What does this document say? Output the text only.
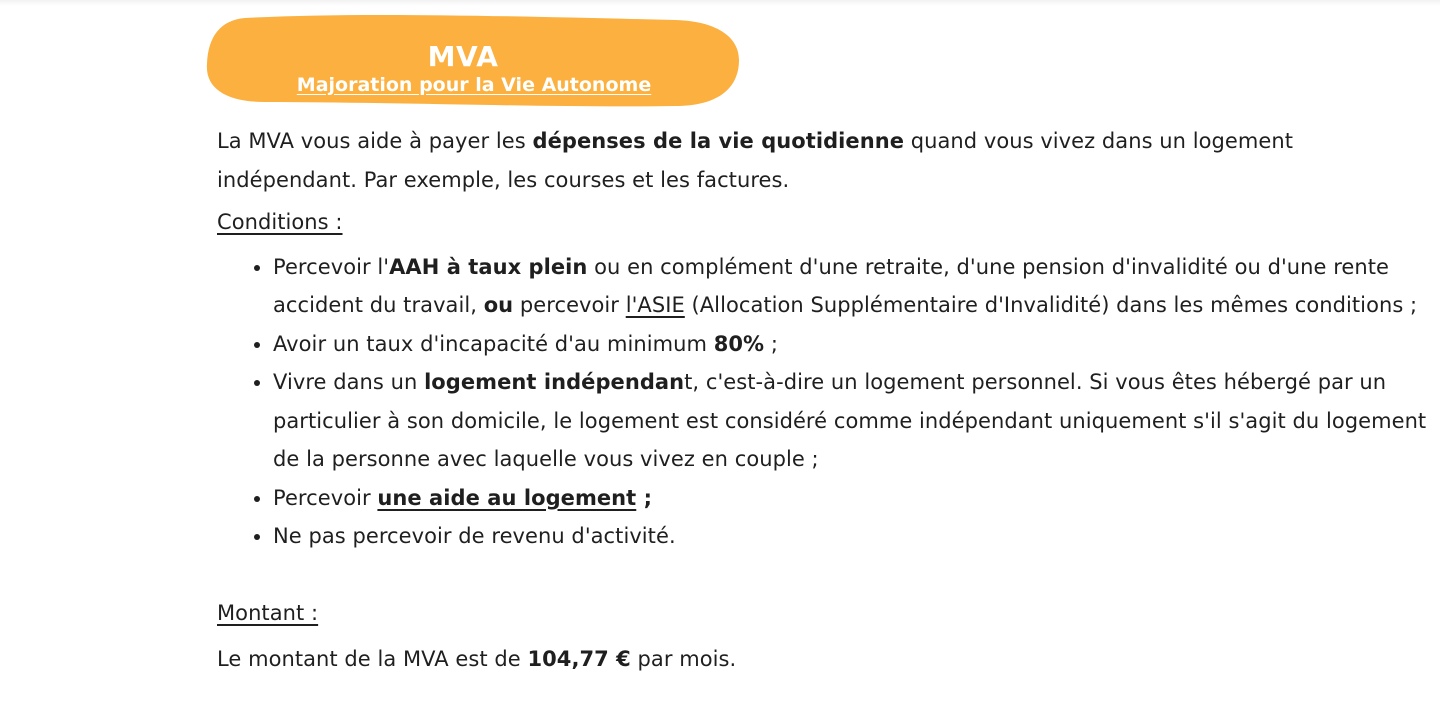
MVA
Majoration pour la Vie Autonome

La MVA vous aide à payer les dépenses de la vie quotidienne quand vous vivez dans un logement indépendant. Par exemple, les courses et les factures.

Conditions :

• Percevoir l'AAH à taux plein ou en complément d'une retraite, d'une pension d'invalidité ou d'une rente accident du travail, ou percevoir l'ASIE (Allocation Supplémentaire d'Invalidité) dans les mêmes conditions ;
• Avoir un taux d'incapacité d'au minimum 80% ;
• Vivre dans un logement indépendant, c'est-à-dire un logement personnel. Si vous êtes hébergé par un particulier à son domicile, le logement est considéré comme indépendant uniquement s'il s'agit du logement de la personne avec laquelle vous vivez en couple ;
• Percevoir une aide au logement ;
• Ne pas percevoir de revenu d'activité.

Montant :

Le montant de la MVA est de 104,77 € par mois.
